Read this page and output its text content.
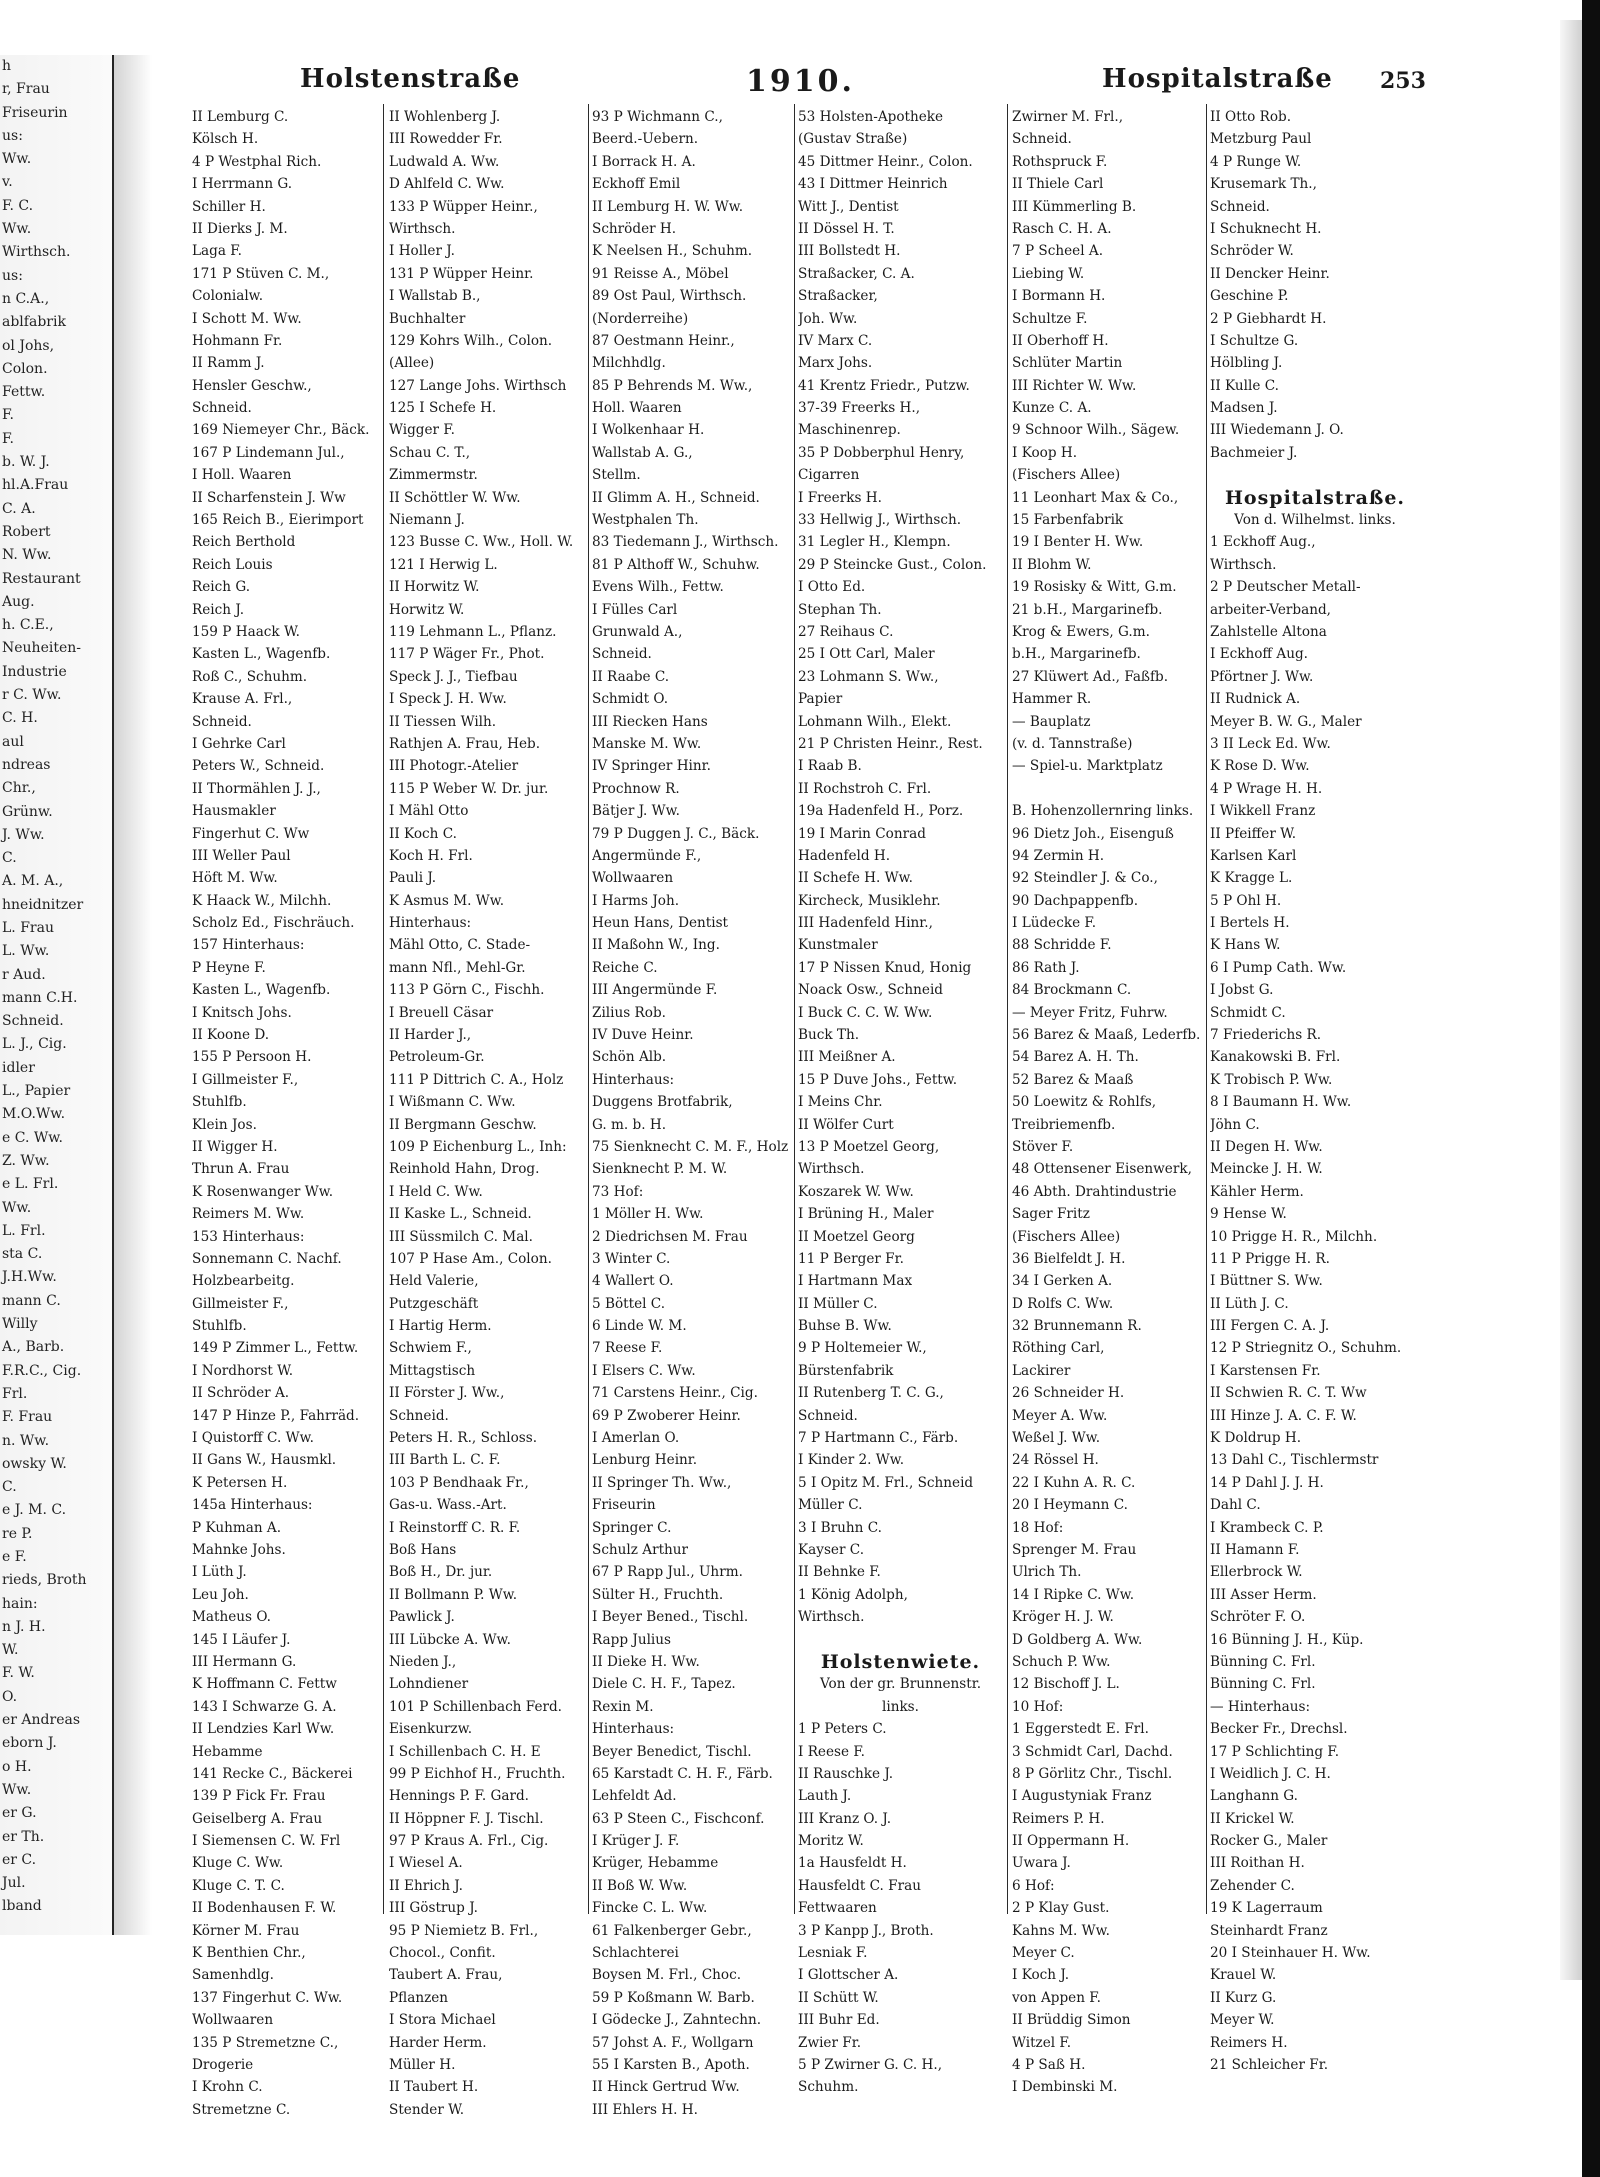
h
r, Frau
Friseurin
us:
Ww.
v.
F. C.
Ww.
Wirthsch.
us:
n C.A.,
ablfabrik
ol Johs,
Colon.
Fettw.
F.
F.
b. W. J.
hl.A.Frau
C. A.
Robert
N. Ww.
Restaurant
Aug.
h. C.E.,
Neuheiten-
Industrie
r C. Ww.
C. H.
aul
ndreas
Chr.,
Grünw.
J. Ww.
C.
A. M. A.,
hneidnitzer
L. Frau
L. Ww.
r Aud.
mann C.H.
Schneid.
L. J., Cig.
idler
L., Papier
M.O.Ww.
e C. Ww.
Z. Ww.
e L. Frl.
Ww.
L. Frl.
sta C.
J.H.Ww.
mann C.
Willy
A., Barb.
F.R.C., Cig.
Frl.
F. Frau
n. Ww.
owsky W.
C.
e J. M. C.
re P.
e F.
rieds, Broth
hain:
n J. H.
W.
F. W.
O.
er Andreas
eborn J.
o H.
Ww.
er G.
er Th.
er C.
Jul.
lband
Holstenstraße	1910.	Hospitalstraße 253
II Lemburg C.
Kölsch H.
4 P Westphal Rich.
I Herrmann G.
Schiller H.
II Dierks J. M.
Laga F.
171 P Stüven C. M.,
Colonialw.
I Schott M. Ww.
Hohmann Fr.
II Ramm J.
Hensler Geschw.,
Schneid.
169 Niemeyer Chr., Bäck.
167 P Lindemann Jul.,
I Holl. Waaren
II Scharfenstein J. Ww
165 Reich B., Eierimport
Reich Berthold
Reich Louis
Reich G.
Reich J.
159 P Haack W.
Kasten L., Wagenfb.
Roß C., Schuhm.
Krause A. Frl.,
Schneid.
I Gehrke Carl
Peters W., Schneid.
II Thormählen J. J.,
Hausmakler
Fingerhut C. Ww
III Weller Paul
Höft M. Ww.
K Haack W., Milchh.
Scholz Ed., Fischräuch.
157 Hinterhaus:
P Heyne F.
Kasten L., Wagenfb.
I Knitsch Johs.
II Koone D.
155 P Persoon H.
I Gillmeister F.,
Stuhlfb.
Klein Jos.
II Wigger H.
Thrun A. Frau
K Rosenwanger Ww.
Reimers M. Ww.
153 Hinterhaus:
Sonnemann C. Nachf.
Holzbearbeitg.
Gillmeister F.,
Stuhlfb.
149 P Zimmer L., Fettw.
I Nordhorst W.
II Schröder A.
147 P Hinze P., Fahrräd.
I Quistorff C. Ww.
II Gans W., Hausmkl.
K Petersen H.
145a Hinterhaus:
P Kuhman A.
Mahnke Johs.
I Lüth J.
Leu Joh.
Matheus O.
145 I Läufer J.
III Hermann G.
K Hoffmann C. Fettw
143 I Schwarze G. A.
II Lendzies Karl Ww.
Hebamme
141 Recke C., Bäckerei
139 P Fick Fr. Frau
Geiselberg A. Frau
I Siemensen C. W. Frl
Kluge C. Ww.
Kluge C. T. C.
II Bodenhausen F. W.
Körner M. Frau
K Benthien Chr.,
Samenhdlg.
137 Fingerhut C. Ww.
Wollwaaren
135 P Stremetzne C.,
Drogerie
I Krohn C.
Stremetzne C.
II Wohlenberg J.
III Rowedder Fr.
Ludwald A. Ww.
D Ahlfeld C. Ww.
133 P Wüpper Heinr.,
Wirthsch.
I Holler J.
131 P Wüpper Heinr.
I Wallstab B.,
Buchhalter
129 Kohrs Wilh., Colon.
(Allee)
127 Lange Johs. Wirthsch
125 I Schefe H.
Wigger F.
Schau C. T.,
Zimmermstr.
II Schöttler W. Ww.
Niemann J.
123 Busse C. Ww., Holl. W.
121 I Herwig L.
II Horwitz W.
Horwitz W.
119 Lehmann L., Pflanz.
117 P Wäger Fr., Phot.
Speck J. J., Tiefbau
I Speck J. H. Ww.
II Tiessen Wilh.
Rathjen A. Frau, Heb.
III Photogr.-Atelier
115 P Weber W. Dr. jur.
I Mähl Otto
II Koch C.
Koch H. Frl.
Pauli J.
K Asmus M. Ww.
Hinterhaus:
Mähl Otto, C. Stade-
mann Nfl., Mehl-Gr.
113 P Görn C., Fischh.
I Breuell Cäsar
II Harder J.,
Petroleum-Gr.
111 P Dittrich C. A., Holz
I Wißmann C. Ww.
II Bergmann Geschw.
109 P Eichenburg L., Inh:
Reinhold Hahn, Drog.
I Held C. Ww.
II Kaske L., Schneid.
III Süssmilch C. Mal.
107 P Hase Am., Colon.
Held Valerie,
Putzgeschäft
I Hartig Herm.
Schwiem F.,
Mittagstisch
II Förster J. Ww.,
Schneid.
Peters H. R., Schloss.
III Barth L. C. F.
103 P Bendhaak Fr.,
Gas-u. Wass.-Art.
I Reinstorff C. R. F.
Boß Hans
Boß H., Dr. jur.
II Bollmann P. Ww.
Pawlick J.
III Lübcke A. Ww.
Nieden J.,
Lohndiener
101 P Schillenbach Ferd.
Eisenkurzw.
I Schillenbach C. H. E
99 P Eichhof H., Fruchth.
Hennings P. F. Gard.
II Höppner F. J. Tischl.
97 P Kraus A. Frl., Cig.
I Wiesel A.
II Ehrich J.
III Göstrup J.
95 P Niemietz B. Frl.,
Chocol., Confit.
Taubert A. Frau,
Pflanzen
I Stora Michael
Harder Herm.
Müller H.
II Taubert H.
Stender W.
93 P Wichmann C.,
Beerd.-Uebern.
I Borrack H. A.
Eckhoff Emil
II Lemburg H. W. Ww.
Schröder H.
K Neelsen H., Schuhm.
91 Reisse A., Möbel
89 Ost Paul, Wirthsch.
(Norderreihe)
87 Oestmann Heinr.,
Milchhdlg.
85 P Behrends M. Ww.,
Holl. Waaren
I Wolkenhaar H.
Wallstab A. G.,
Stellm.
II Glimm A. H., Schneid.
Westphalen Th.
83 Tiedemann J., Wirthsch.
81 P Althoff W., Schuhw.
Evens Wilh., Fettw.
I Fülles Carl
Grunwald A.,
Schneid.
II Raabe C.
Schmidt O.
III Riecken Hans
Manske M. Ww.
IV Springer Hinr.
Prochnow R.
Bätjer J. Ww.
79 P Duggen J. C., Bäck.
Angermünde F.,
Wollwaaren
I Harms Joh.
Heun Hans, Dentist
II Maßohn W., Ing.
Reiche C.
III Angermünde F.
Zilius Rob.
IV Duve Heinr.
Schön Alb.
Hinterhaus:
Duggens Brotfabrik,
G. m. b. H.
75 Sienknecht C. M. F., Holz
Sienknecht P. M. W.
73 Hof:
1 Möller H. Ww.
2 Diedrichsen M. Frau
3 Winter C.
4 Wallert O.
5 Böttel C.
6 Linde W. M.
7 Reese F.
I Elsers C. Ww.
71 Carstens Heinr., Cig.
69 P Zwoberer Heinr.
I Amerlan O.
Lenburg Heinr.
II Springer Th. Ww.,
Friseurin
Springer C.
Schulz Arthur
67 P Rapp Jul., Uhrm.
Sülter H., Fruchth.
I Beyer Bened., Tischl.
Rapp Julius
II Dieke H. Ww.
Diele C. H. F., Tapez.
Rexin M.
Hinterhaus:
Beyer Benedict, Tischl.
65 Karstadt C. H. F., Färb.
Lehfeldt Ad.
63 P Steen C., Fischconf.
I Krüger J. F.
Krüger, Hebamme
II Boß W. Ww.
Fincke C. L. Ww.
61 Falkenberger Gebr.,
Schlachterei
Boysen M. Frl., Choc.
59 P Koßmann W. Barb.
I Gödecke J., Zahntechn.
57 Johst A. F., Wollgarn
55 I Karsten B., Apoth.
II Hinck Gertrud Ww.
III Ehlers H. H.
53 Holsten-Apotheke
(Gustav Straße)
45 Dittmer Heinr., Colon.
43 I Dittmer Heinrich
Witt J., Dentist
II Dössel H. T.
III Bollstedt H.
Straßacker, C. A.
Straßacker,
Joh. Ww.
IV Marx C.
Marx Johs.
41 Krentz Friedr., Putzw.
37-39 Freerks H.,
Maschinenrep.
35 P Dobberphul Henry,
Cigarren
I Freerks H.
33 Hellwig J., Wirthsch.
31 Legler H., Klempn.
29 P Steincke Gust., Colon.
I Otto Ed.
Stephan Th.
27 Reihaus C.
25 I Ott Carl, Maler
23 Lohmann S. Ww.,
Papier
Lohmann Wilh., Elekt.
21 P Christen Heinr., Rest.
I Raab B.
II Rochstroh C. Frl.
19a Hadenfeld H., Porz.
19 I Marin Conrad
Hadenfeld H.
II Schefe H. Ww.
Kircheck, Musiklehr.
III Hadenfeld Hinr.,
Kunstmaler
17 P Nissen Knud, Honig
Noack Osw., Schneid
I Buck C. C. W. Ww.
Buck Th.
III Meißner A.
15 P Duve Johs., Fettw.
I Meins Chr.
II Wölfer Curt
13 P Moetzel Georg,
Wirthsch.
Koszarek W. Ww.
I Brüning H., Maler
II Moetzel Georg
11 P Berger Fr.
I Hartmann Max
II Müller C.
Buhse B. Ww.
9 P Holtemeier W.,
Bürstenfabrik
II Rutenberg T. C. G.,
Schneid.
7 P Hartmann C., Färb.
I Kinder 2. Ww.
5 I Opitz M. Frl., Schneid
Müller C.
3 I Bruhn C.
Kayser C.
II Behnke F.
1 König Adolph,
Wirthsch.
Holstenwiete.
Von der gr. Brunnenstr.
links.
1 P Peters C.
I Reese F.
II Rauschke J.
Lauth J.
III Kranz O. J.
Moritz W.
1a Hausfeldt H.
Hausfeldt C. Frau
Fettwaaren
3 P Kanpp J., Broth.
Lesniak F.
I Glottscher A.
II Schütt W.
III Buhr Ed.
Zwier Fr.
5 P Zwirner G. C. H.,
Schuhm.
Zwirner M. Frl.,
Schneid.
Rothspruck F.
II Thiele Carl
III Kümmerling B.
Rasch C. H. A.
7 P Scheel A.
Liebing W.
I Bormann H.
Schultze F.
II Oberhoff H.
Schlüter Martin
III Richter W. Ww.
Kunze C. A.
9 Schnoor Wilh., Sägew.
I Koop H.
(Fischers Allee)
11 Leonhart Max & Co.,
15 Farbenfabrik
19 I Benter H. Ww.
II Blohm W.
19 Rosisky & Witt, G.m.
21 b.H., Margarinefb.
Krog & Ewers, G.m.
b.H., Margarinefb.
27 Klüwert Ad., Faßfb.
Hammer R.
— Bauplatz
(v. d. Tannstraße)
— Spiel-u. Marktplatz
B. Hohenzollernring links.
96 Dietz Joh., Eisenguß
94 Zermin H.
92 Steindler J. & Co.,
90 Dachpappenfb.
I Lüdecke F.
88 Schridde F.
86 Rath J.
84 Brockmann C.
— Meyer Fritz, Fuhrw.
56 Barez & Maaß, Lederfb.
54 Barez A. H. Th.
52 Barez & Maaß
50 Loewitz & Rohlfs,
Treibriemenfb.
Stöver F.
48 Ottensener Eisenwerk,
46 Abth. Drahtindustrie
Sager Fritz
(Fischers Allee)
36 Bielfeldt J. H.
34 I Gerken A.
D Rolfs C. Ww.
32 Brunnemann R.
Röthing Carl,
Lackirer
26 Schneider H.
Meyer A. Ww.
Weßel J. Ww.
24 Rössel H.
22 I Kuhn A. R. C.
20 I Heymann C.
18 Hof:
Sprenger M. Frau
Ulrich Th.
14 I Ripke C. Ww.
Kröger H. J. W.
D Goldberg A. Ww.
Schuch P. Ww.
12 Bischoff J. L.
10 Hof:
1 Eggerstedt E. Frl.
3 Schmidt Carl, Dachd.
8 P Görlitz Chr., Tischl.
I Augustyniak Franz
Reimers P. H.
II Oppermann H.
Uwara J.
6 Hof:
2 P Klay Gust.
Kahns M. Ww.
Meyer C.
I Koch J.
von Appen F.
II Brüddig Simon
Witzel F.
4 P Saß H.
I Dembinski M.
II Otto Rob.
Metzburg Paul
4 P Runge W.
Krusemark Th.,
Schneid.
I Schuknecht H.
Schröder W.
II Dencker Heinr.
Geschine P.
2 P Giebhardt H.
I Schultze G.
Hölbling J.
II Kulle C.
Madsen J.
III Wiedemann J. O.
Bachmeier J.
Hospitalstraße.
Von d. Wilhelmst. links.
1 Eckhoff Aug.,
Wirthsch.
2 P Deutscher Metall-
arbeiter-Verband,
Zahlstelle Altona
I Eckhoff Aug.
Pförtner J. Ww.
II Rudnick A.
Meyer B. W. G., Maler
3 II Leck Ed. Ww.
K Rose D. Ww.
4 P Wrage H. H.
I Wikkell Franz
II Pfeiffer W.
Karlsen Karl
K Kragge L.
5 P Ohl H.
I Bertels H.
K Hans W.
6 I Pump Cath. Ww.
I Jobst G.
Schmidt C.
7 Friederichs R.
Kanakowski B. Frl.
K Trobisch P. Ww.
8 I Baumann H. Ww.
Jöhn C.
II Degen H. Ww.
Meincke J. H. W.
Kähler Herm.
9 Hense W.
10 Prigge H. R., Milchh.
11 P Prigge H. R.
I Büttner S. Ww.
II Lüth J. C.
III Fergen C. A. J.
12 P Striegnitz O., Schuhm.
I Karstensen Fr.
II Schwien R. C. T. Ww
III Hinze J. A. C. F. W.
K Doldrup H.
13 Dahl C., Tischlermstr
14 P Dahl J. J. H.
Dahl C.
I Krambeck C. P.
II Hamann F.
Ellerbrock W.
III Asser Herm.
Schröter F. O.
16 Bünning J. H., Küp.
Bünning C. Frl.
Bünning C. Frl.
— Hinterhaus:
Becker Fr., Drechsl.
17 P Schlichting F.
I Weidlich J. C. H.
Langhann G.
II Krickel W.
Rocker G., Maler
III Roithan H.
Zehender C.
19 K Lagerraum
Steinhardt Franz
20 I Steinhauer H. Ww.
Krauel W.
II Kurz G.
Meyer W.
Reimers H.
21 Schleicher Fr.
